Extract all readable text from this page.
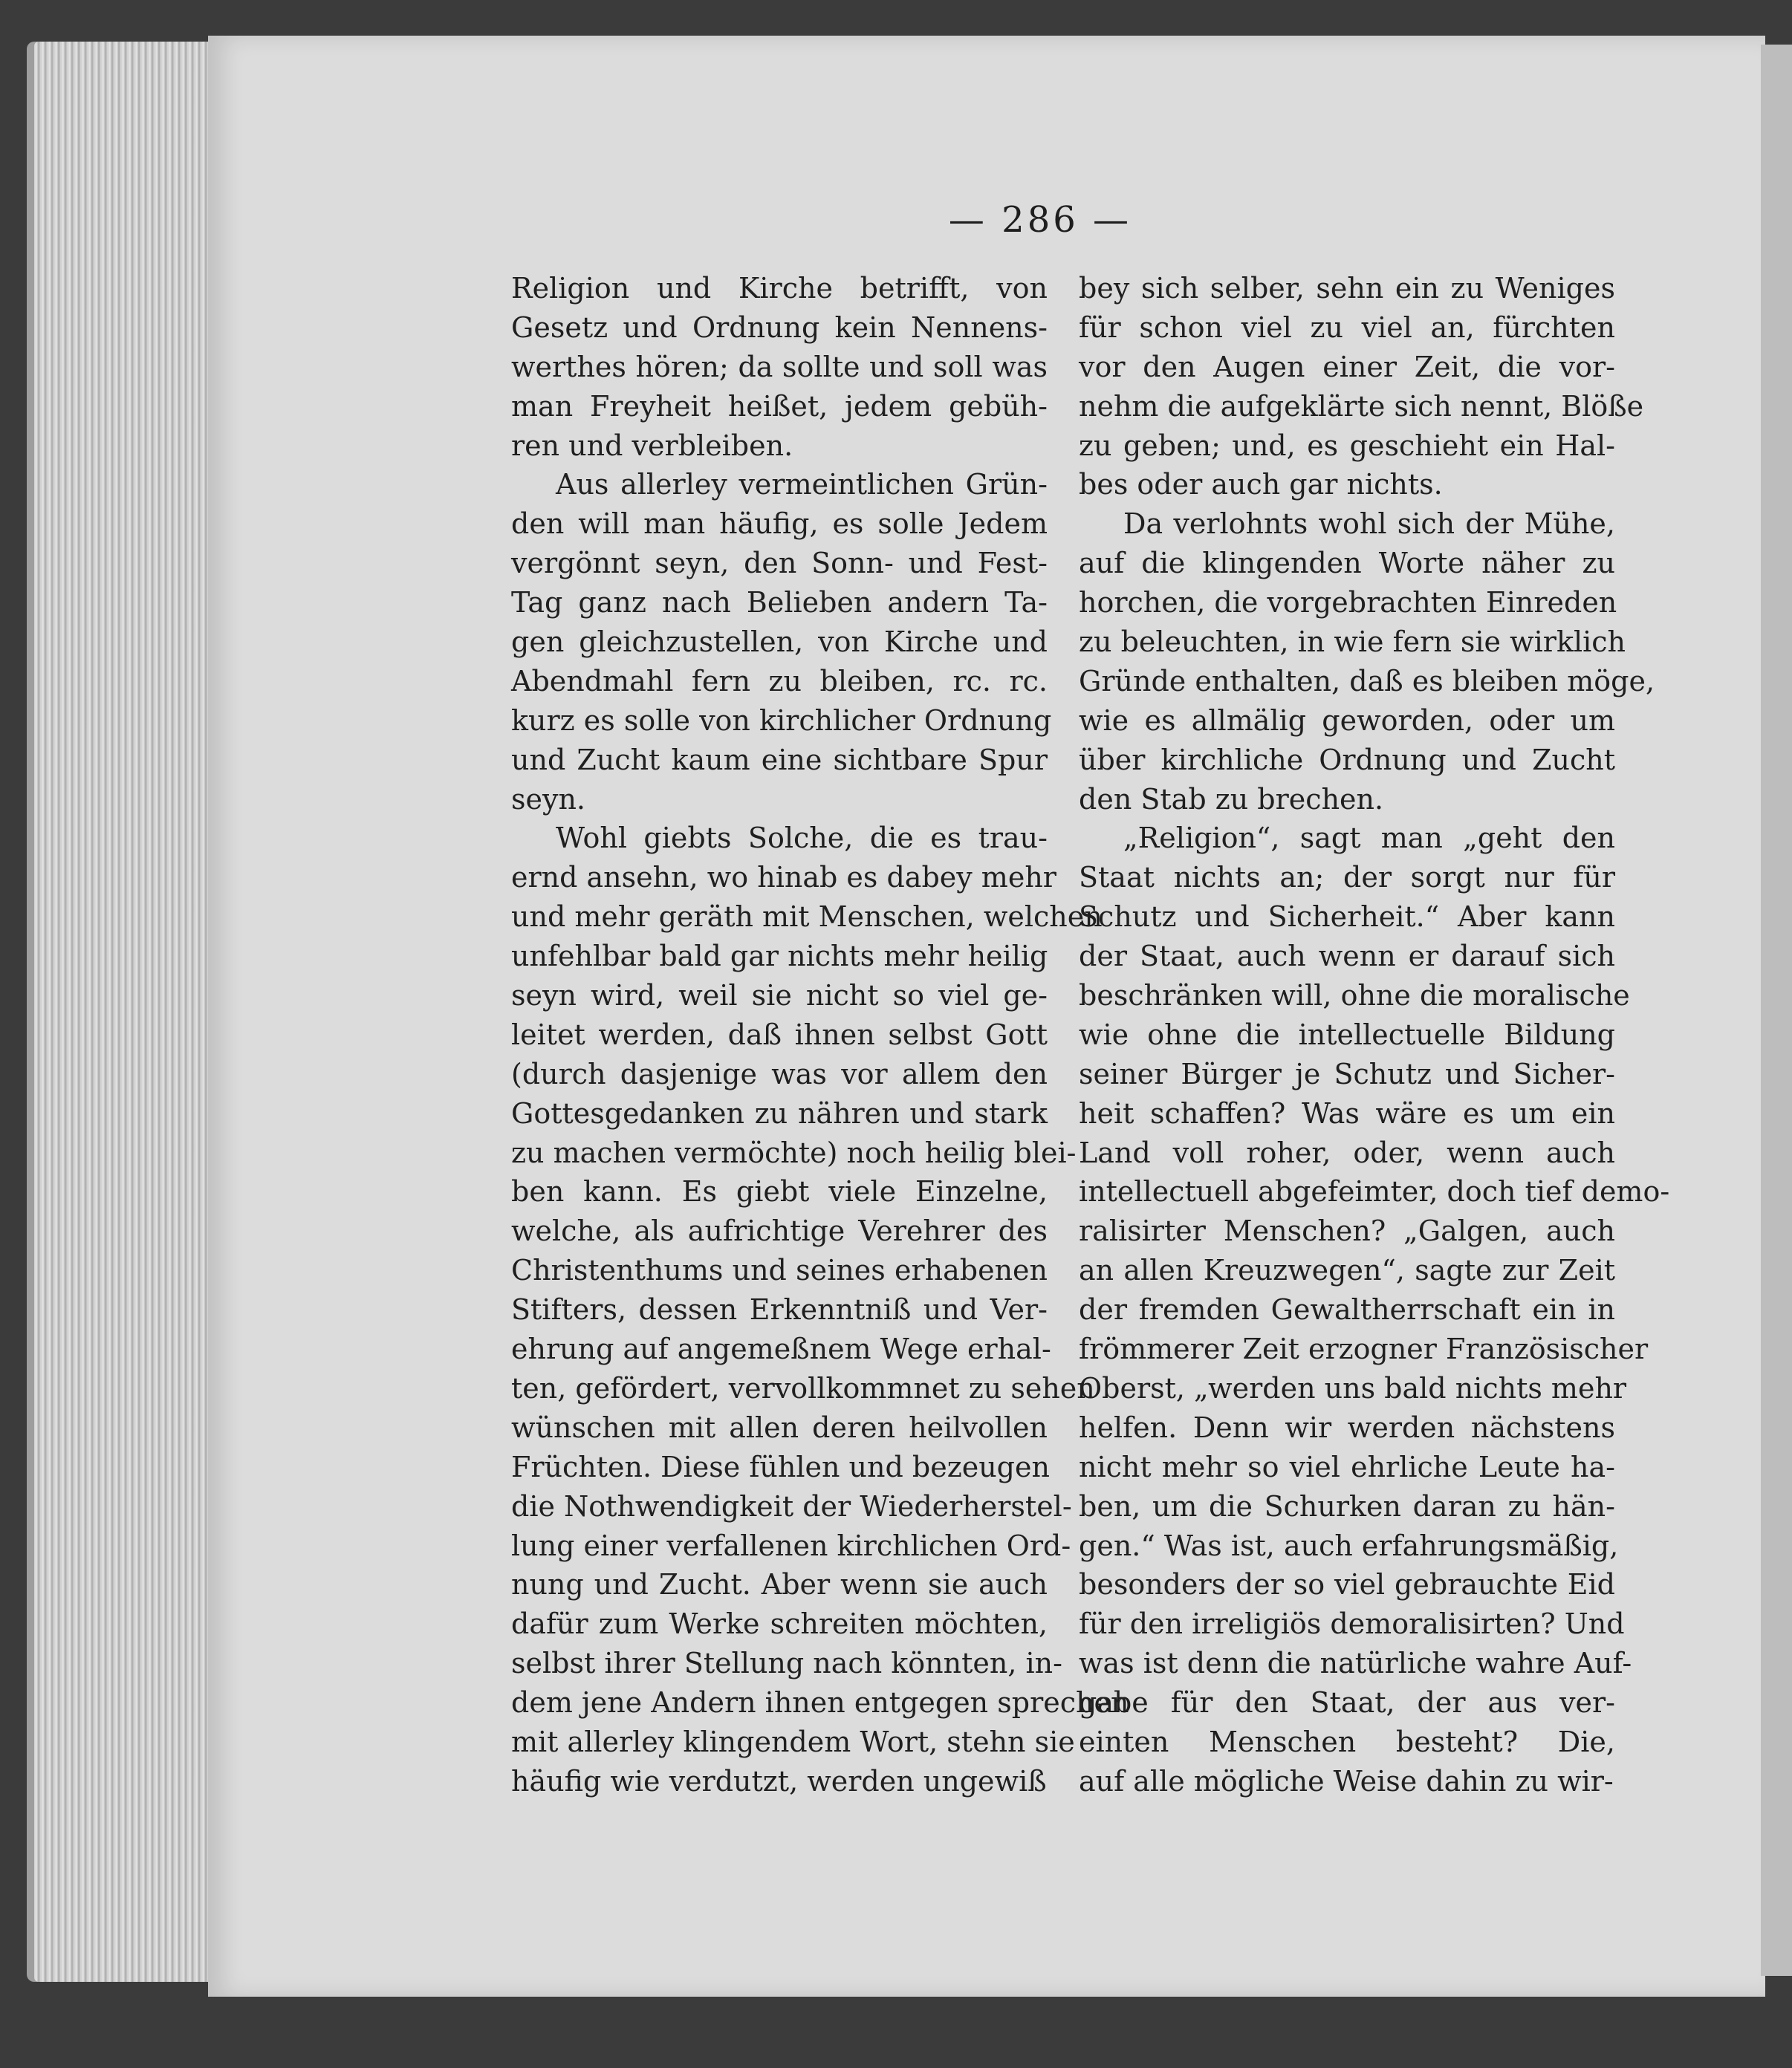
— 286 —
Religion und Kirche betrifft, von
Gesetz und Ordnung kein Nennens-
werthes hören; da sollte und soll was
man Freyheit heißet, jedem gebüh-
ren und verbleiben.
Aus allerley vermeintlichen Grün-
den will man häufig, es solle Jedem
vergönnt seyn, den Sonn- und Fest-
Tag ganz nach Belieben andern Ta-
gen gleichzustellen, von Kirche und
Abendmahl fern zu bleiben, rc. rc.
kurz es solle von kirchlicher Ordnung
und Zucht kaum eine sichtbare Spur
seyn.
Wohl giebts Solche, die es trau-
ernd ansehn, wo hinab es dabey mehr
und mehr geräth mit Menschen, welchen
unfehlbar bald gar nichts mehr heilig
seyn wird, weil sie nicht so viel ge-
leitet werden, daß ihnen selbst Gott
(durch dasjenige was vor allem den
Gottesgedanken zu nähren und stark
zu machen vermöchte) noch heilig blei-
ben kann. Es giebt viele Einzelne,
welche, als aufrichtige Verehrer des
Christenthums und seines erhabenen
Stifters, dessen Erkenntniß und Ver-
ehrung auf angemeßnem Wege erhal-
ten, gefördert, vervollkommnet zu sehen
wünschen mit allen deren heilvollen
Früchten. Diese fühlen und bezeugen
die Nothwendigkeit der Wiederherstel-
lung einer verfallenen kirchlichen Ord-
nung und Zucht. Aber wenn sie auch
dafür zum Werke schreiten möchten,
selbst ihrer Stellung nach könnten, in-
dem jene Andern ihnen entgegen sprechen
mit allerley klingendem Wort, stehn sie
häufig wie verdutzt, werden ungewiß
bey sich selber, sehn ein zu Weniges
für schon viel zu viel an, fürchten
vor den Augen einer Zeit, die vor-
nehm die aufgeklärte sich nennt, Blöße
zu geben; und, es geschieht ein Hal-
bes oder auch gar nichts.
Da verlohnts wohl sich der Mühe,
auf die klingenden Worte näher zu
horchen, die vorgebrachten Einreden
zu beleuchten, in wie fern sie wirklich
Gründe enthalten, daß es bleiben möge,
wie es allmälig geworden, oder um
über kirchliche Ordnung und Zucht
den Stab zu brechen.
„Religion“, sagt man „geht den
Staat nichts an; der sorgt nur für
Schutz und Sicherheit.“ Aber kann
der Staat, auch wenn er darauf sich
beschränken will, ohne die moralische
wie ohne die intellectuelle Bildung
seiner Bürger je Schutz und Sicher-
heit schaffen? Was wäre es um ein
Land voll roher, oder, wenn auch
intellectuell abgefeimter, doch tief demo-
ralisirter Menschen? „Galgen, auch
an allen Kreuzwegen“, sagte zur Zeit
der fremden Gewaltherrschaft ein in
frömmerer Zeit erzogner Französischer
Oberst, „werden uns bald nichts mehr
helfen. Denn wir werden nächstens
nicht mehr so viel ehrliche Leute ha-
ben, um die Schurken daran zu hän-
gen.“ Was ist, auch erfahrungsmäßig,
besonders der so viel gebrauchte Eid
für den irreligiös demoralisirten? Und
was ist denn die natürliche wahre Auf-
gabe für den Staat, der aus ver-
einten Menschen besteht? Die,
auf alle mögliche Weise dahin zu wir-
